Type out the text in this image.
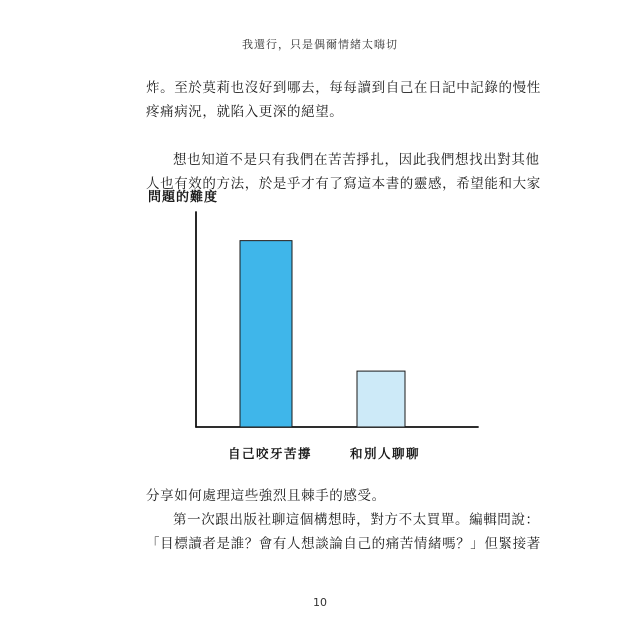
我還行，只是偶爾情緒太嗨切
炸。至於莫莉也沒好到哪去，每每讀到自己在日記中記錄的慢性
疼痛病況，就陷入更深的絕望。
想也知道不是只有我們在苦苦掙扎，因此我們想找出對其他
人也有效的方法，於是乎才有了寫這本書的靈感，希望能和大家
問題的難度
自己咬牙苦撐	和別人聊聊
分享如何處理這些強烈且棘手的感受。
第一次跟出版社聊這個構想時，對方不太買單。編輯問說：
「目標讀者是誰？會有人想談論自己的痛苦情緒嗎？」但緊接著
10
